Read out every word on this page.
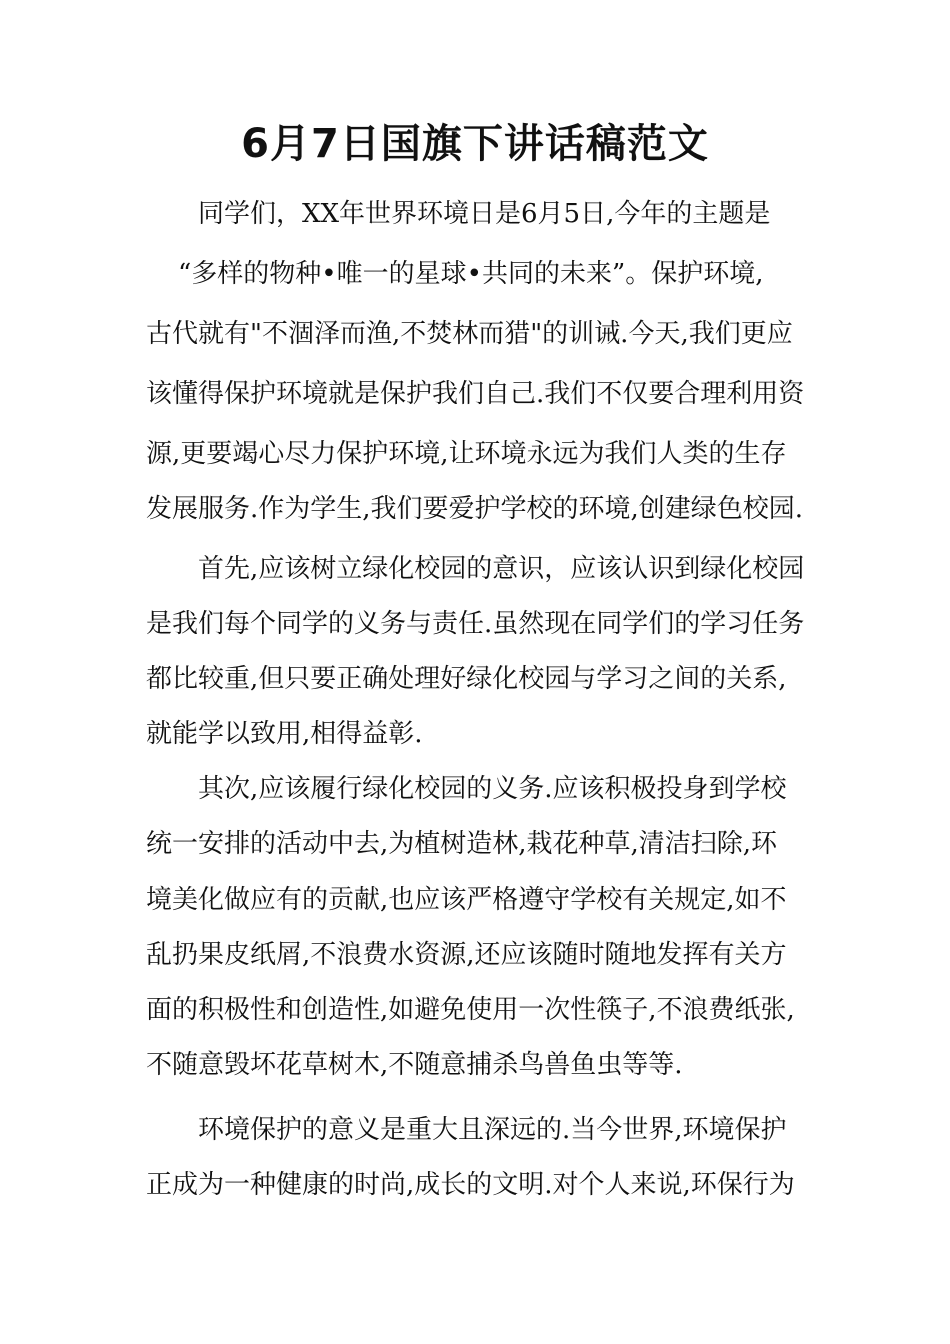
6月7日国旗下讲话稿范文

同学们，XX年世界环境日是6月5日,今年的主题是

“多样的物种•唯一的星球•共同的未来”。保护环境,

古代就有"不涸泽而渔,不焚林而猎"的训诫.今天,我们更应

该懂得保护环境就是保护我们自己.我们不仅要合理利用资

源,更要竭心尽力保护环境,让环境永远为我们人类的生存

发展服务.作为学生,我们要爱护学校的环境,创建绿色校园.

首先,应该树立绿化校园的意识，应该认识到绿化校园

是我们每个同学的义务与责任.虽然现在同学们的学习任务

都比较重,但只要正确处理好绿化校园与学习之间的关系,

就能学以致用,相得益彰.

其次,应该履行绿化校园的义务.应该积极投身到学校

统一安排的活动中去,为植树造林,栽花种草,清洁扫除,环

境美化做应有的贡献,也应该严格遵守学校有关规定,如不

乱扔果皮纸屑,不浪费水资源,还应该随时随地发挥有关方

面的积极性和创造性,如避免使用一次性筷子,不浪费纸张,

不随意毁坏花草树木,不随意捕杀鸟兽鱼虫等等.

环境保护的意义是重大且深远的.当今世界,环境保护

正成为一种健康的时尚,成长的文明.对个人来说,环保行为
